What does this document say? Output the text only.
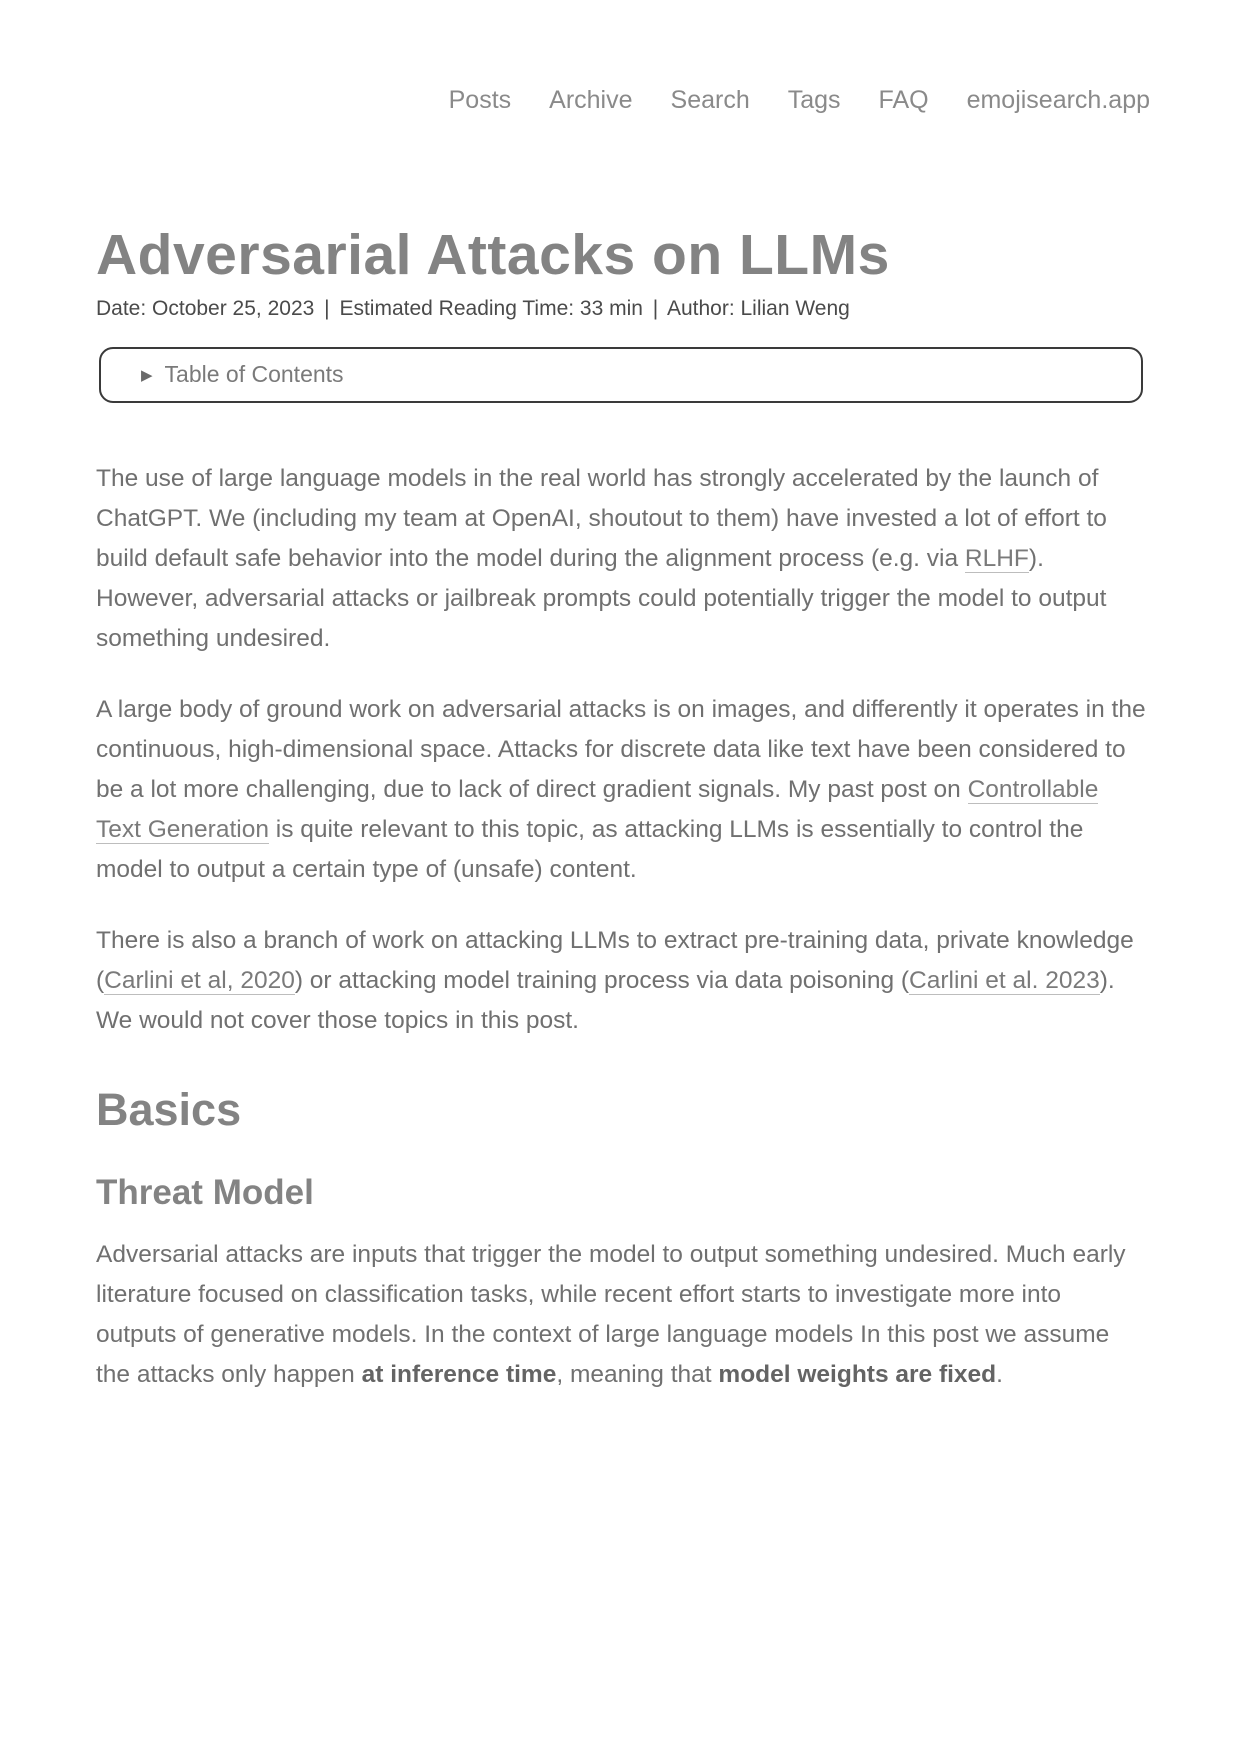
Posts Archive Search Tags FAQ emojisearch.app
Adversarial Attacks on LLMs
Date: October 25, 2023 | Estimated Reading Time: 33 min | Author: Lilian Weng
▶ Table of Contents

The use of large language models in the real world has strongly accelerated by the launch of ChatGPT. We (including my team at OpenAI, shoutout to them) have invested a lot of effort to build default safe behavior into the model during the alignment process (e.g. via RLHF). However, adversarial attacks or jailbreak prompts could potentially trigger the model to output something undesired.

A large body of ground work on adversarial attacks is on images, and differently it operates in the continuous, high-dimensional space. Attacks for discrete data like text have been considered to be a lot more challenging, due to lack of direct gradient signals. My past post on Controllable Text Generation is quite relevant to this topic, as attacking LLMs is essentially to control the model to output a certain type of (unsafe) content.

There is also a branch of work on attacking LLMs to extract pre-training data, private knowledge (Carlini et al, 2020) or attacking model training process via data poisoning (Carlini et al. 2023). We would not cover those topics in this post.

Basics
Threat Model

Adversarial attacks are inputs that trigger the model to output something undesired. Much early literature focused on classification tasks, while recent effort starts to investigate more into outputs of generative models. In the context of large language models In this post we assume the attacks only happen at inference time, meaning that model weights are fixed.
